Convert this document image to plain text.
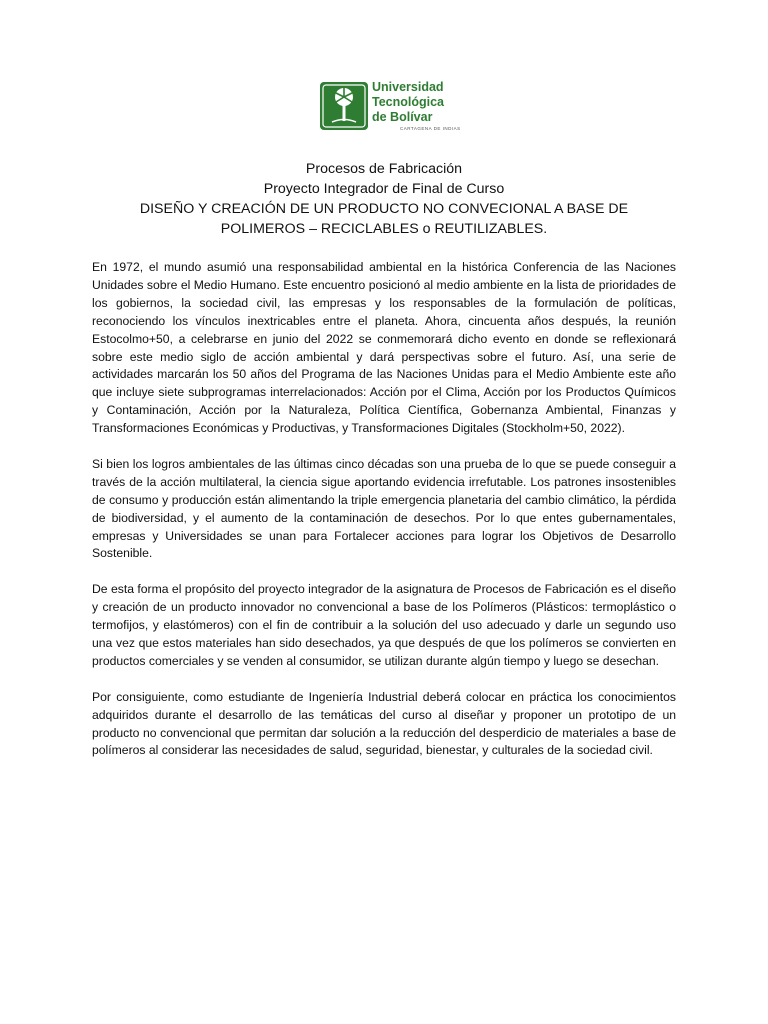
Universidad
Tecnológica
de Bolívar
CARTAGENA DE INDIAS
Procesos de Fabricación
Proyecto Integrador de Final de Curso
DISEÑO Y CREACIÓN DE UN PRODUCTO NO CONVECIONAL A BASE DE
POLIMEROS – RECICLABLES o REUTILIZABLES.

En 1972, el mundo asumió una responsabilidad ambiental en la histórica Conferencia de las Naciones Unidades sobre el Medio Humano. Este encuentro posicionó al medio ambiente en la lista de prioridades de los gobiernos, la sociedad civil, las empresas y los responsables de la formulación de políticas, reconociendo los vínculos inextricables entre el planeta. Ahora, cincuenta años después, la reunión Estocolmo+50, a celebrarse en junio del 2022 se conmemorará dicho evento en donde se reflexionará sobre este medio siglo de acción ambiental y dará perspectivas sobre el futuro. Así, una serie de actividades marcarán los 50 años del Programa de las Naciones Unidas para el Medio Ambiente este año que incluye siete subprogramas interrelacionados: Acción por el Clima, Acción por los Productos Químicos y Contaminación, Acción por la Naturaleza, Política Científica, Gobernanza Ambiental, Finanzas y Transformaciones Económicas y Productivas, y Transformaciones Digitales (Stockholm+50, 2022).

Si bien los logros ambientales de las últimas cinco décadas son una prueba de lo que se puede conseguir a través de la acción multilateral, la ciencia sigue aportando evidencia irrefutable. Los patrones insostenibles de consumo y producción están alimentando la triple emergencia planetaria del cambio climático, la pérdida de biodiversidad, y el aumento de la contaminación de desechos. Por lo que entes gubernamentales, empresas y Universidades se unan para Fortalecer acciones para lograr los Objetivos de Desarrollo Sostenible.

De esta forma el propósito del proyecto integrador de la asignatura de Procesos de Fabricación es el diseño y creación de un producto innovador no convencional a base de los Polímeros (Plásticos: termoplástico o termofijos, y elastómeros) con el fin de contribuir a la solución del uso adecuado y darle un segundo uso una vez que estos materiales han sido desechados, ya que después de que los polímeros se convierten en productos comerciales y se venden al consumidor, se utilizan durante algún tiempo y luego se desechan.

Por consiguiente, como estudiante de Ingeniería Industrial deberá colocar en práctica los conocimientos adquiridos durante el desarrollo de las temáticas del curso al diseñar y proponer un prototipo de un producto no convencional que permitan dar solución a la reducción del desperdicio de materiales a base de polímeros al considerar las necesidades de salud, seguridad, bienestar, y culturales de la sociedad civil.
